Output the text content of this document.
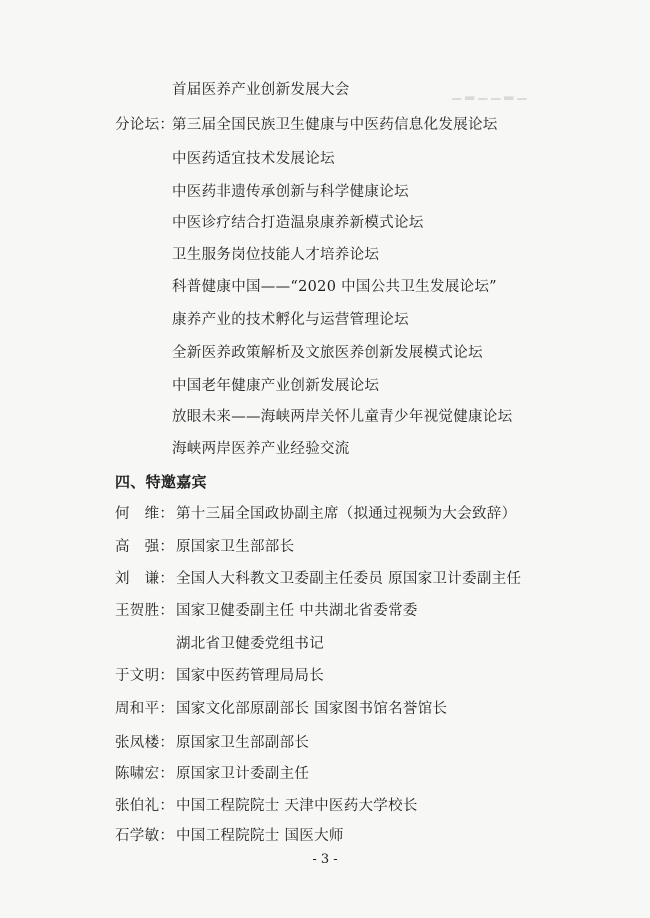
▁ ▂ ▁ ▁ ▂ ▁
首届医养产业创新发展大会
分论坛：
第三届全国民族卫生健康与中医药信息化发展论坛
中医药适宜技术发展论坛
中医药非遗传承创新与科学健康论坛
中医诊疗结合打造温泉康养新模式论坛
卫生服务岗位技能人才培养论坛
科普健康中国——“2020 中国公共卫生发展论坛”
康养产业的技术孵化与运营管理论坛
全新医养政策解析及文旅医养创新发展模式论坛
中国老年健康产业创新发展论坛
放眼未来——海峡两岸关怀儿童青少年视觉健康论坛
海峡两岸医养产业经验交流
四、特邀嘉宾
何　维： 第十三届全国政协副主席（拟通过视频为大会致辞）
高　强： 原国家卫生部部长
刘　谦： 全国人大科教文卫委副主任委员 原国家卫计委副主任
王贺胜： 国家卫健委副主任 中共湖北省委常委
湖北省卫健委党组书记
于文明： 国家中医药管理局局长
周和平： 国家文化部原副部长 国家图书馆名誉馆长
张凤楼： 原国家卫生部副部长
陈啸宏： 原国家卫计委副主任
张伯礼： 中国工程院院士 天津中医药大学校长
石学敏： 中国工程院院士 国医大师
- 3 -
